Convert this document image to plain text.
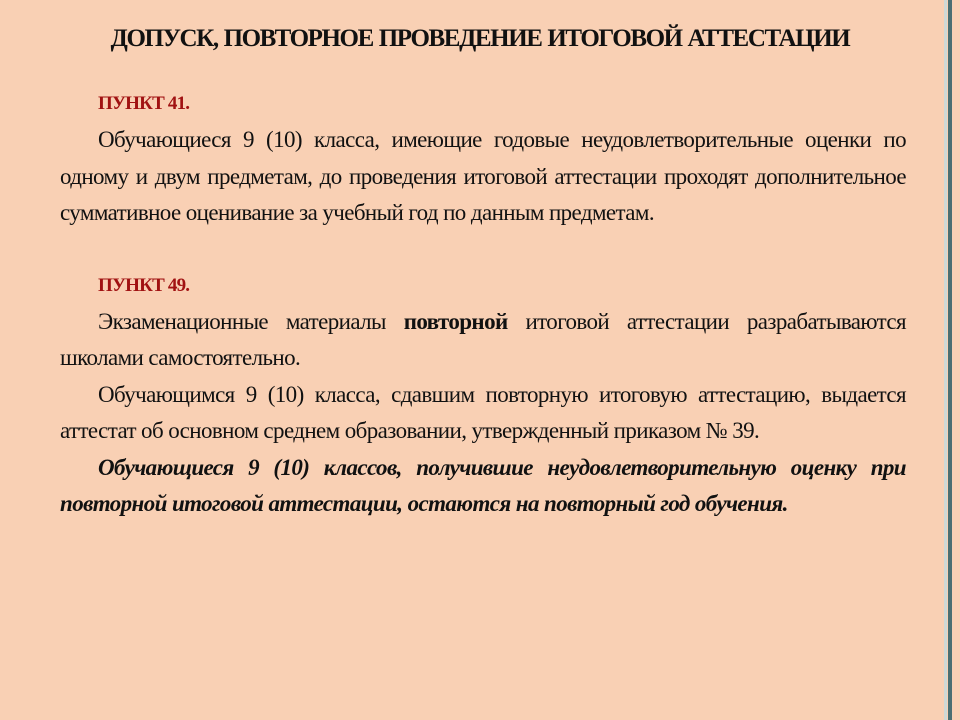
ДОПУСК, ПОВТОРНОЕ ПРОВЕДЕНИЕ ИТОГОВОЙ АТТЕСТАЦИИ

ПУНКТ 41.

Обучающиеся 9 (10) класса, имеющие годовые неудовлетворительные оценки по одному и двум предметам, до проведения итоговой аттестации проходят дополнительное суммативное оценивание за учебный год по данным предметам.

ПУНКТ 49.

Экзаменационные материалы повторной итоговой аттестации разрабатываются школами самостоятельно.

Обучающимся 9 (10) класса, сдавшим повторную итоговую аттестацию, выдается аттестат об основном среднем образовании, утвержденный приказом № 39.

Обучающиеся 9 (10) классов, получившие неудовлетворительную оценку при повторной итоговой аттестации, остаются на повторный год обучения.
